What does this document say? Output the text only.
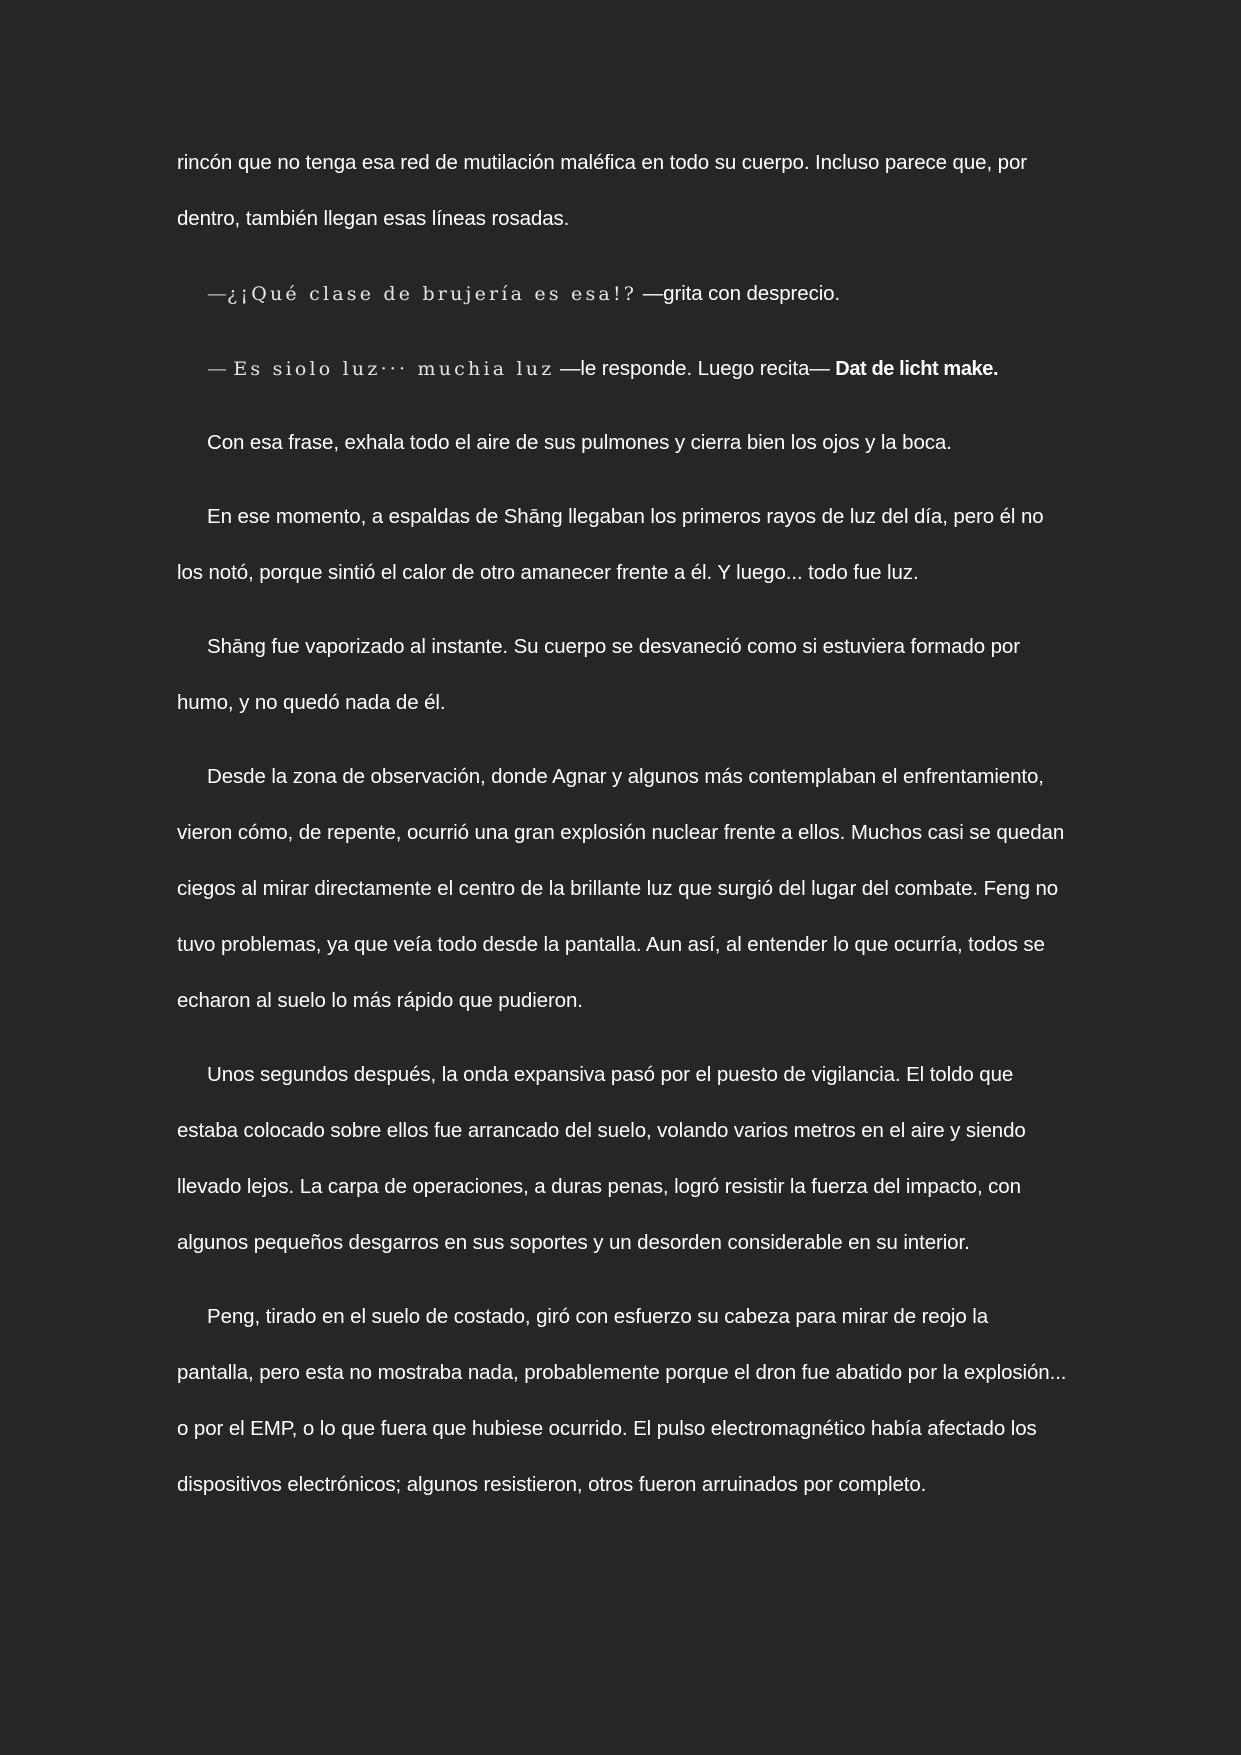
rincón que no tenga esa red de mutilación maléfica en todo su cuerpo. Incluso parece que, por dentro, también llegan esas líneas rosadas.

—¿¡Qué clase de brujería es esa!? —grita con desprecio.

— Es siolo luz··· muchia luz —le responde. Luego recita— Dat de licht make.

Con esa frase, exhala todo el aire de sus pulmones y cierra bien los ojos y la boca.

En ese momento, a espaldas de Shāng llegaban los primeros rayos de luz del día, pero él no los notó, porque sintió el calor de otro amanecer frente a él. Y luego... todo fue luz.

Shāng fue vaporizado al instante. Su cuerpo se desvaneció como si estuviera formado por humo, y no quedó nada de él.

Desde la zona de observación, donde Agnar y algunos más contemplaban el enfrentamiento, vieron cómo, de repente, ocurrió una gran explosión nuclear frente a ellos. Muchos casi se quedan ciegos al mirar directamente el centro de la brillante luz que surgió del lugar del combate. Feng no tuvo problemas, ya que veía todo desde la pantalla. Aun así, al entender lo que ocurría, todos se echaron al suelo lo más rápido que pudieron.

Unos segundos después, la onda expansiva pasó por el puesto de vigilancia. El toldo que estaba colocado sobre ellos fue arrancado del suelo, volando varios metros en el aire y siendo llevado lejos. La carpa de operaciones, a duras penas, logró resistir la fuerza del impacto, con algunos pequeños desgarros en sus soportes y un desorden considerable en su interior.

Peng, tirado en el suelo de costado, giró con esfuerzo su cabeza para mirar de reojo la pantalla, pero esta no mostraba nada, probablemente porque el dron fue abatido por la explosión... o por el EMP, o lo que fuera que hubiese ocurrido. El pulso electromagnético había afectado los dispositivos electrónicos; algunos resistieron, otros fueron arruinados por completo.
